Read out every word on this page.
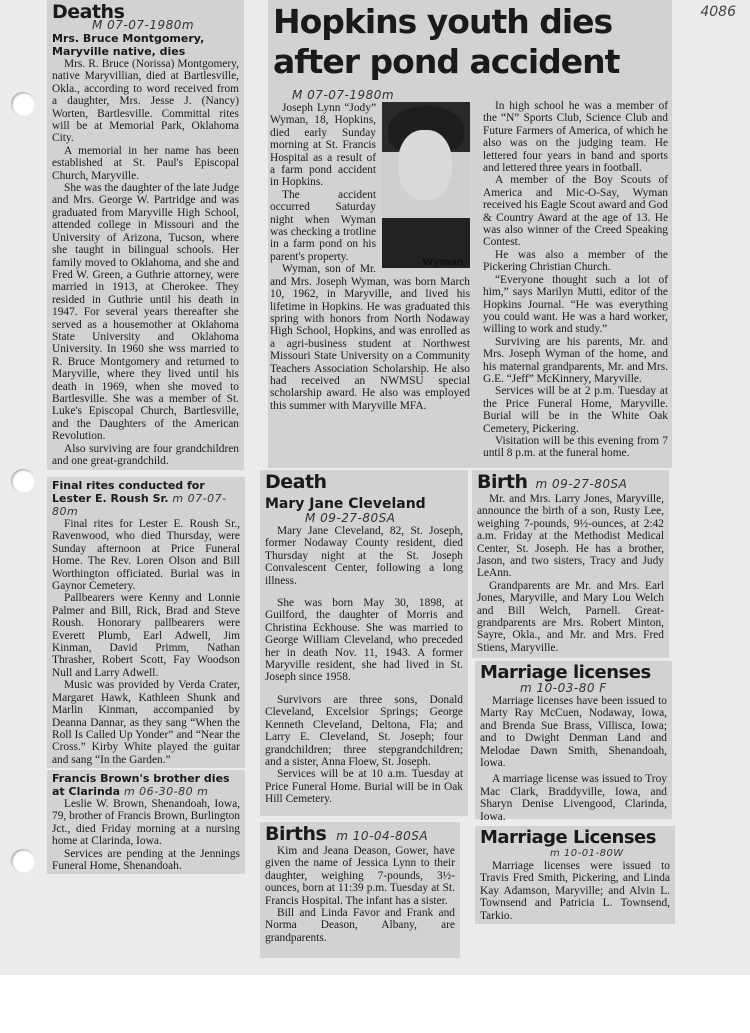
4086
Deaths
M 07-07-1980m
Mrs. Bruce Montgomery, Maryville native, dies

Mrs. R. Bruce (Norissa) Montgomery, native Maryvillian, died at Bartlesville, Okla., according to word received from a daughter, Mrs. Jesse J. (Nancy) Worten, Bartlesville. Committal rites will be at Memorial Park, Oklahoma City.

A memorial in her name has been established at St. Paul's Episcopal Church, Maryville.

She was the daughter of the late Judge and Mrs. George W. Partridge and was graduated from Maryville High School, attended college in Missouri and the University of Arizona, Tucson, where she taught in bilingual schools. Her family moved to Oklahoma, and she and Fred W. Green, a Guthrie attorney, were married in 1913, at Cherokee. They resided in Guthrie until his death in 1947. For several years thereafter she served as a housemother at Oklahoma State University and Oklahoma University. In 1960 she wss married to R. Bruce Montgomery and returned to Maryville, where they lived until his death in 1969, when she moved to Bartlesville. She was a member of St. Luke's Episcopal Church, Bartlesville, and the Daughters of the American Revolution.

Also surviving are four grandchildren and one great-grandchild.

Final rites conducted for Lester E. Roush Sr. m 07-07-80m

Final rites for Lester E. Roush Sr., Ravenwood, who died Thursday, were Sunday afternoon at Price Funeral Home. The Rev. Loren Olson and Bill Worthington officiated. Burial was in Gaynor Cemetery.

Pallbearers were Kenny and Lonnie Palmer and Bill, Rick, Brad and Steve Roush. Honorary pallbearers were Everett Plumb, Earl Adwell, Jim Kinman, David Primm, Nathan Thrasher, Robert Scott, Fay Woodson Null and Larry Adwell.

Music was provided by Verda Crater, Margaret Hawk, Kathleen Shunk and Marlin Kinman, accompanied by Deanna Dannar, as they sang “When the Roll Is Called Up Yonder” and “Near the Cross.” Kirby White played the guitar and sang “In the Garden.”

Francis Brown's brother dies at Clarinda m 06-30-80 m

Leslie W. Brown, Shenandoah, Iowa, 79, brother of Francis Brown, Burlington Jct., died Friday morning at a nursing home at Clarinda, Iowa.

Services are pending at the Jennings Funeral Home, Shenandoah.

Hopkins youth dies
after pond accident
M 07-07-1980m
Wyman

Joseph Lynn “Jody” Wyman, 18, Hopkins, died early Sunday morning at St. Francis Hospital as a result of a farm pond accident in Hopkins.

The accident occurred Saturday night when Wyman was checking a trotline in a farm pond on his parent's property.

Wyman, son of Mr. and Mrs. Joseph Wyman, was born March 10, 1962, in Maryville, and lived his lifetime in Hopkins. He was graduated this spring with honors from North Nodaway High School, Hopkins, and was enrolled as a agri-business student at Northwest Missouri State University on a Community Teachers Association Scholarship. He also had received an NWMSU special scholarship award. He also was employed this summer with Maryville MFA.

In high school he was a member of the “N” Sports Club, Science Club and Future Farmers of America, of which he also was on the judging team. He lettered four years in band and sports and lettered three years in football.

A member of the Boy Scouts of America and Mic-O-Say, Wyman received his Eagle Scout award and God & Country Award at the age of 13. He was also winner of the Creed Speaking Contest.

He was also a member of the Pickering Christian Church.

“Everyone thought such a lot of him,” says Marilyn Mutti, editor of the Hopkins Journal. “He was everything you could want. He was a hard worker, willing to work and study.”

Surviving are his parents, Mr. and Mrs. Joseph Wyman of the home, and his maternal grandparents, Mr. and Mrs. G.E. “Jeff” McKinnery, Maryville.

Services will be at 2 p.m. Tuesday at the Price Funeral Home, Maryville. Burial will be in the White Oak Cemetery, Pickering.

Visitation will be this evening from 7 until 8 p.m. at the funeral home.

Death
Mary Jane Cleveland
M 09-27-80SA

Mary Jane Cleveland, 82, St. Joseph, former Nodaway County resident, died Thursday night at the St. Joseph Convalescent Center, following a long illness.

She was born May 30, 1898, at Guilford, the daughter of Morris and Christina Eckhouse. She was married to George William Cleveland, who preceded her in death Nov. 11, 1943. A former Maryville resident, she had lived in St. Joseph since 1958.

Survivors are three sons, Donald Cleveland, Excelsior Springs; George Kenneth Cleveland, Deltona, Fla; and Larry E. Cleveland, St. Joseph; four grandchildren; three stepgrandchildren; and a sister, Anna Floew, St. Joseph.

Services will be at 10 a.m. Tuesday at Price Funeral Home. Burial will be in Oak Hill Cemetery.

Births m 10-04-80SA

Kim and Jeana Deason, Gower, have given the name of Jessica Lynn to their daughter, weighing 7-pounds, 3½-ounces, born at 11:39 p.m. Tuesday at St. Francis Hospital. The infant has a sister.

Bill and Linda Favor and Frank and Norma Deason, Albany, are grandparents.

Birth m 09-27-80SA

Mr. and Mrs. Larry Jones, Maryville, announce the birth of a son, Rusty Lee, weighing 7-pounds, 9½-ounces, at 2:42 a.m. Friday at the Methodist Medical Center, St. Joseph. He has a brother, Jason, and two sisters, Tracy and Judy LeAnn.

Grandparents are Mr. and Mrs. Earl Jones, Maryville, and Mary Lou Welch and Bill Welch, Parnell. Great-grandparents are Mrs. Robert Minton, Sayre, Okla., and Mr. and Mrs. Fred Stiens, Maryville.

Marriage licenses
m 10-03-80 F

Marriage licenses have been issued to Marty Ray McCuen, Nodaway, Iowa, and Brenda Sue Brass, Villisca, Iowa; and to Dwight Denman Land and Melodae Dawn Smith, Shenandoah, Iowa.

A marriage license was issued to Troy Mac Clark, Braddyville, Iowa, and Sharyn Denise Livengood, Clarinda, Iowa.

Marriage Licenses
m 10-01-80W

Marriage licenses were issued to Travis Fred Smith, Pickering, and Linda Kay Adamson, Maryville; and Alvin L. Townsend and Patricia L. Townsend, Tarkio.
